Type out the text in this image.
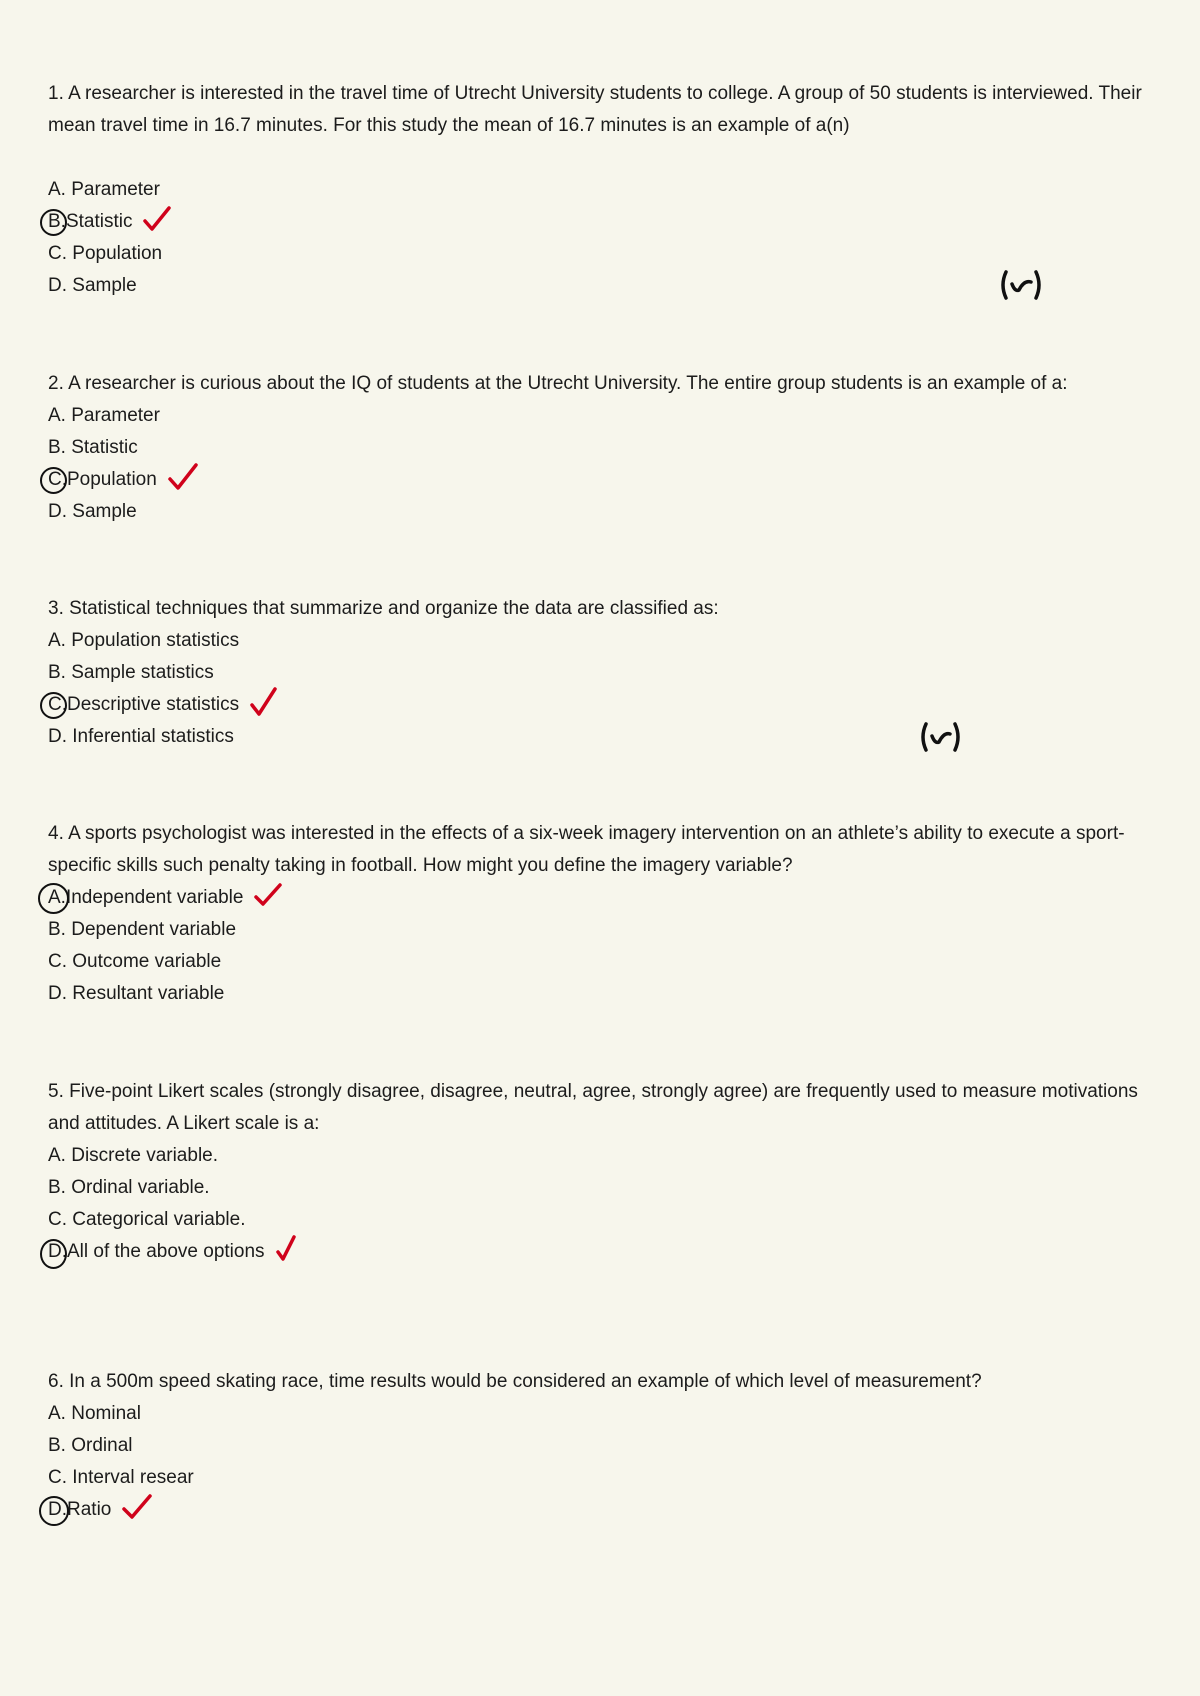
1. A researcher is interested in the travel time of Utrecht University students to college. A group of 50 students is interviewed. Their mean travel time in 16.7 minutes. For this study the mean of 16.7 minutes is an example of a(n)

A. Parameter
B.Statistic
C. Population
D. Sample

2. A researcher is curious about the IQ of students at the Utrecht University. The entire group students is an example of a:

A. Parameter
B. Statistic
C.Population
D. Sample

3. Statistical techniques that summarize and organize the data are classified as:

A. Population statistics
B. Sample statistics
C.Descriptive statistics
D. Inferential statistics

4. A sports psychologist was interested in the effects of a six-week imagery intervention on an athlete’s ability to execute a sport-specific skills such penalty taking in football. How might you define the imagery variable?

A.Independent variable
B. Dependent variable
C. Outcome variable
D. Resultant variable

5. Five-point Likert scales (strongly disagree, disagree, neutral, agree, strongly agree) are frequently used to measure motivations and attitudes. A Likert scale is a:

A. Discrete variable.
B. Ordinal variable.
C. Categorical variable.
D.All of the above options

6. In a 500m speed skating race, time results would be considered an example of which level of measurement?

A. Nominal
B. Ordinal
C. Interval resear
D.Ratio
